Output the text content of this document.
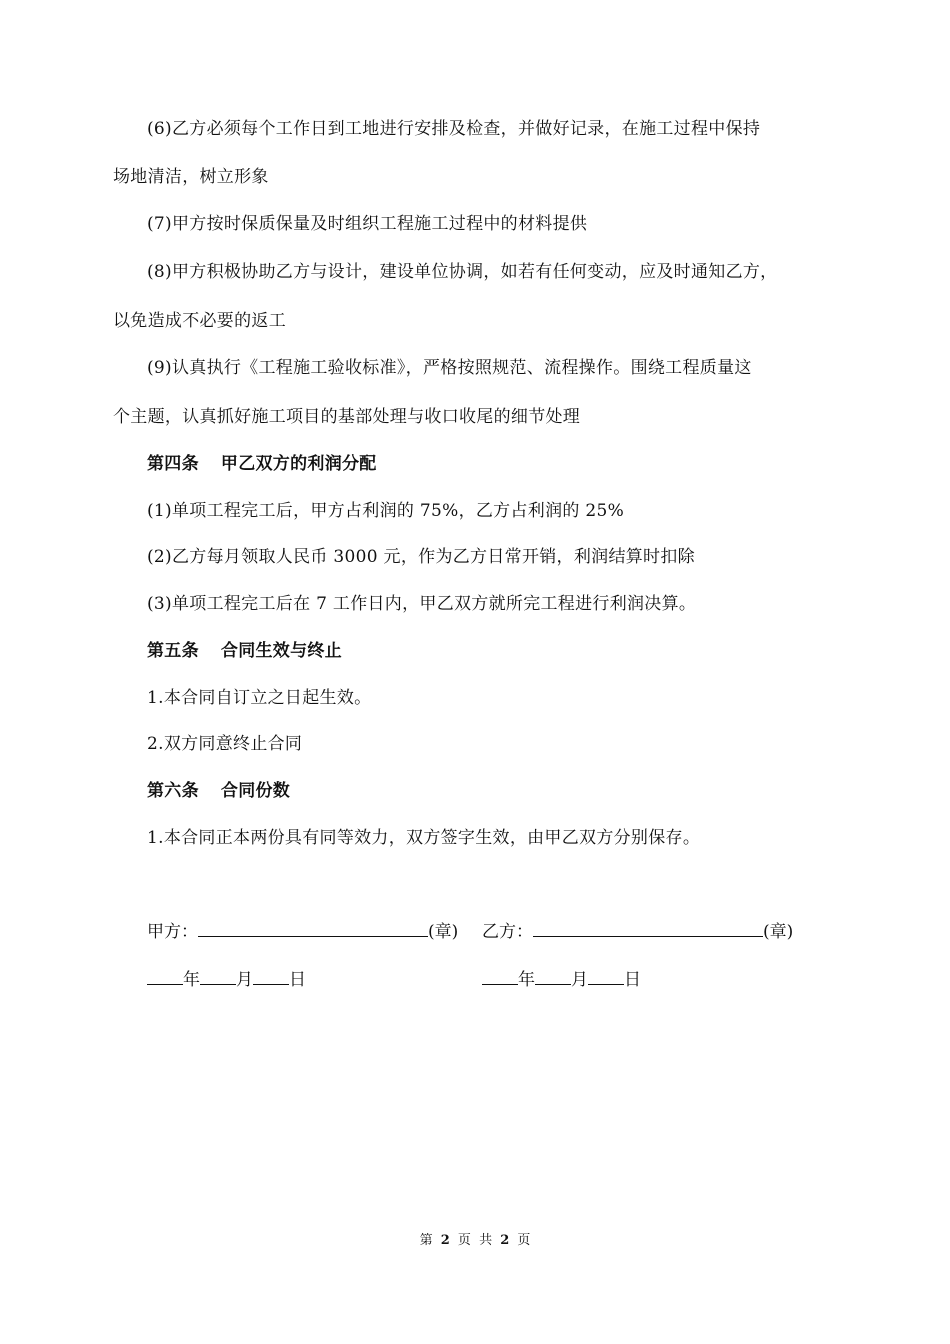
(6)乙方必须每个工作日到工地进行安排及检查，并做好记录，在施工过程中保持
场地清洁，树立形象
(7)甲方按时保质保量及时组织工程施工过程中的材料提供
(8)甲方积极协助乙方与设计，建设单位协调，如若有任何变动，应及时通知乙方，
以免造成不必要的返工
(9)认真执行《工程施工验收标准》，严格按照规范、流程操作。围绕工程质量这
个主题，认真抓好施工项目的基部处理与收口收尾的细节处理
第四条 甲乙双方的利润分配
(1)单项工程完工后，甲方占利润的 75%，乙方占利润的 25%
(2)乙方每月领取人民币 3000 元，作为乙方日常开销，利润结算时扣除
(3)单项工程完工后在 7 工作日内，甲乙双方就所完工程进行利润决算。
第五条 合同生效与终止
1.本合同自订立之日起生效。
2.双方同意终止合同
第六条 合同份数
1.本合同正本两份具有同等效力，双方签字生效，由甲乙双方分别保存。
甲方：	(章) 乙方：	(章)
年 月 日	年 月 日
第 2 页 共 2 页
